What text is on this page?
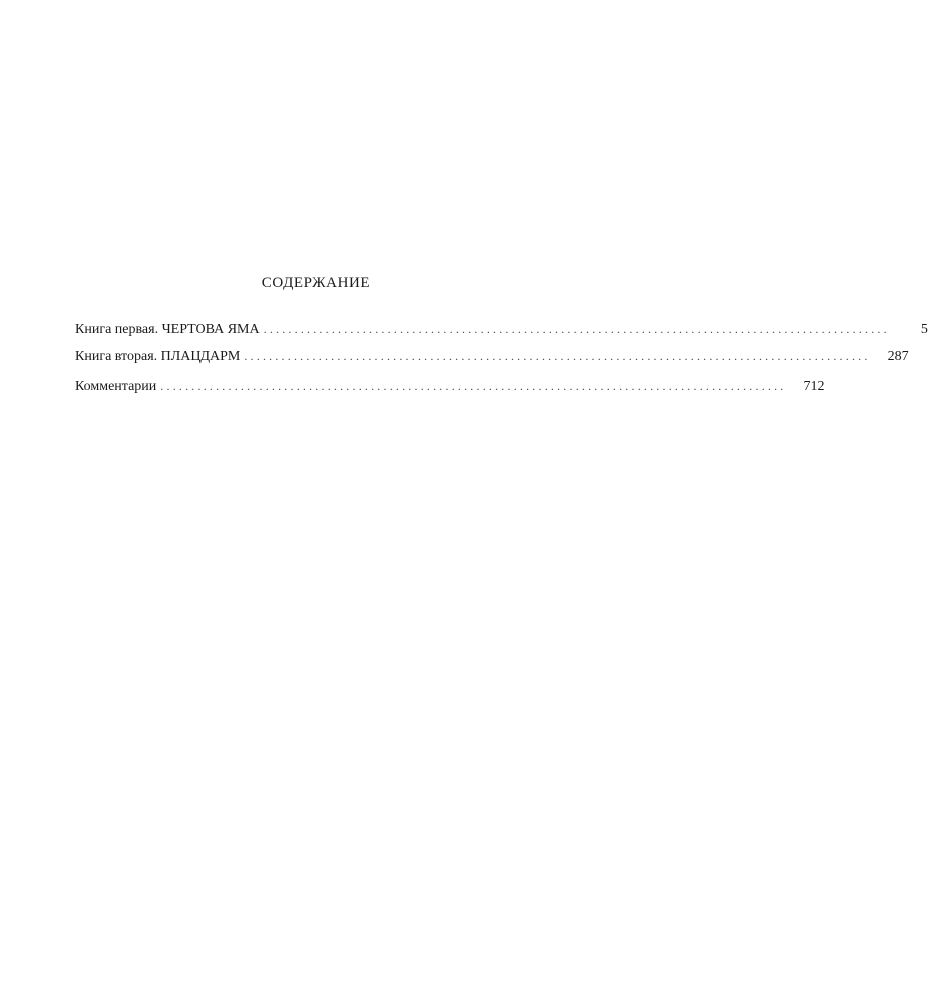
СОДЕРЖАНИЕ
Книга первая. ЧЕРТОВА ЯМА .....................................................................................................	5
Книга вторая. ПЛАЦДАРМ .....................................................................................................	287
Комментарии .....................................................................................................	712
